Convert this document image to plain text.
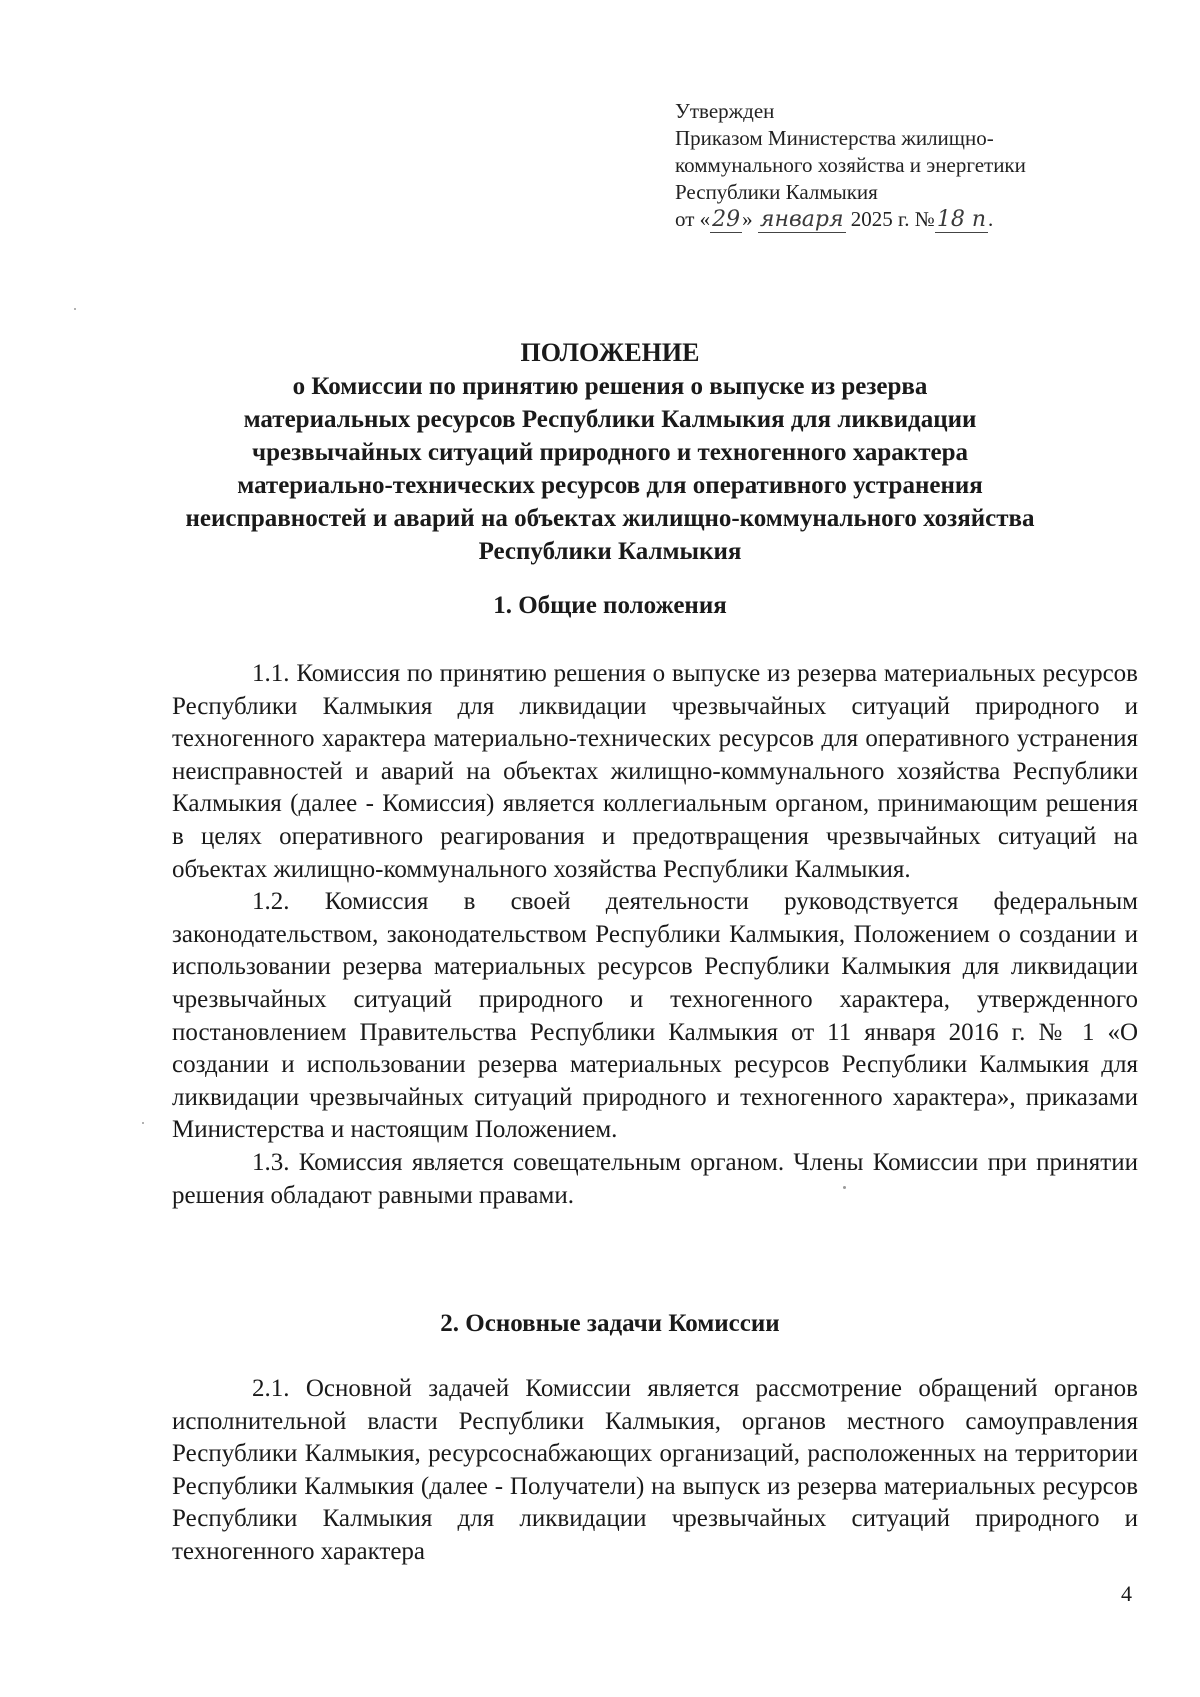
Утвержден
Приказом Министерства жилищно-
коммунального хозяйства и энергетики
Республики Калмыкия
от «29» января 2025 г. №18 п.
ПОЛОЖЕНИЕ
о Комиссии по принятию решения о выпуске из резерва
материальных ресурсов Республики Калмыкия для ликвидации
чрезвычайных ситуаций природного и техногенного характера
материально-технических ресурсов для оперативного устранения
неисправностей и аварий на объектах жилищно-коммунального хозяйства
Республики Калмыкия
1. Общие положения

1.1. Комиссия по принятию решения о выпуске из резерва материальных ресурсов Республики Калмыкия для ликвидации чрезвычайных ситуаций природного и техногенного характера материально-технических ресурсов для оперативного устранения неисправностей и аварий на объектах жилищно-коммунального хозяйства Республики Калмыкия (далее - Комиссия) является коллегиальным органом, принимающим решения в целях оперативного реагирования и предотвращения чрезвычайных ситуаций на объектах жилищно-коммунального хозяйства Республики Калмыкия.

1.2. Комиссия в своей деятельности руководствуется федеральным законодательством, законодательством Республики Калмыкия, Положением о создании и использовании резерва материальных ресурсов Республики Калмыкия для ликвидации чрезвычайных ситуаций природного и техногенного характера, утвержденного постановлением Правительства Республики Калмыкия от 11 января 2016 г. № 1 «О создании и использовании резерва материальных ресурсов Республики Калмыкия для ликвидации чрезвычайных ситуаций природного и техногенного характера», приказами Министерства и настоящим Положением.

1.3. Комиссия является совещательным органом. Члены Комиссии при принятии решения обладают равными правами.

2. Основные задачи Комиссии

2.1. Основной задачей Комиссии является рассмотрение обращений органов исполнительной власти Республики Калмыкия, органов местного самоуправления Республики Калмыкия, ресурсоснабжающих организаций, расположенных на территории Республики Калмыкия (далее - Получатели) на выпуск из резерва материальных ресурсов Республики Калмыкия для ликвидации чрезвычайных ситуаций природного и техногенного характера

4
